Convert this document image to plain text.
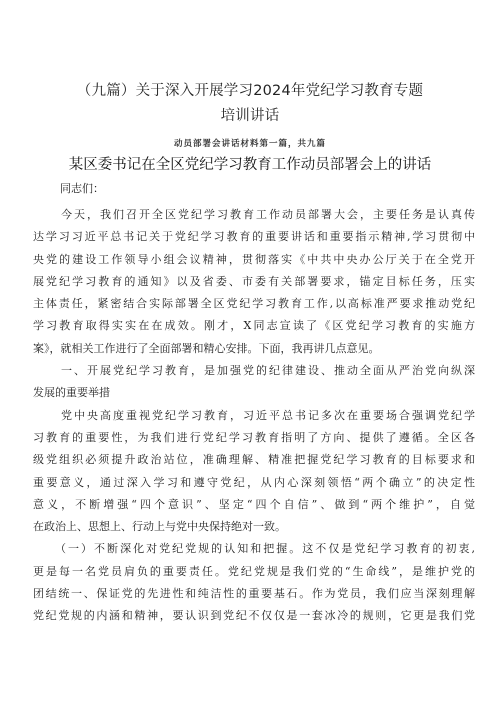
（九篇）关于深入开展学习2024年党纪学习教育专题
培训讲话
动员部署会讲话材料第一篇，共九篇
某区委书记在全区党纪学习教育工作动员部署会上的讲话
同志们：
今天，我们召开全区党纪学习教育工作动员部署大会，主要任务是认真传
达学习习近平总书记关于党纪学习教育的重要讲话和重要指示精神,学习贯彻中
央党的建设工作领导小组会议精神，贯彻落实《中共中央办公厅关于在全党开
展党纪学习教育的通知》以及省委、市委有关部署要求，锚定目标任务，压实
主体责任，紧密结合实际部署全区党纪学习教育工作,以高标准严要求推动党纪
学习教育取得实实在在成效。刚才，X同志宣读了《区党纪学习教育的实施方
案》，就相关工作进行了全面部署和精心安排。下面，我再讲几点意见。
一、开展党纪学习教育，是加强党的纪律建设、推动全面从严治党向纵深
发展的重要举措
党中央高度重视党纪学习教育，习近平总书记多次在重要场合强调党纪学
习教育的重要性，为我们进行党纪学习教育指明了方向、提供了遵循。全区各
级党组织必须提升政治站位，准确理解、精准把握党纪学习教育的目标要求和
重要意义，通过深入学习和遵守党纪，从内心深刻领悟“两个确立”的决定性
意义，不断增强“四个意识”、坚定“四个自信”、做到“两个维护”，自觉
在政治上、思想上、行动上与党中央保持绝对一致。
（一）不断深化对党纪党规的认知和把握。这不仅是党纪学习教育的初衷,
更是每一名党员肩负的重要责任。党纪党规是我们党的“生命线”，是维护党的
团结统一、保证党的先进性和纯洁性的重要基石。作为党员，我们应当深刻理解
党纪党规的内涵和精神，要认识到党纪不仅仅是一套冰冷的规则，它更是我们党
